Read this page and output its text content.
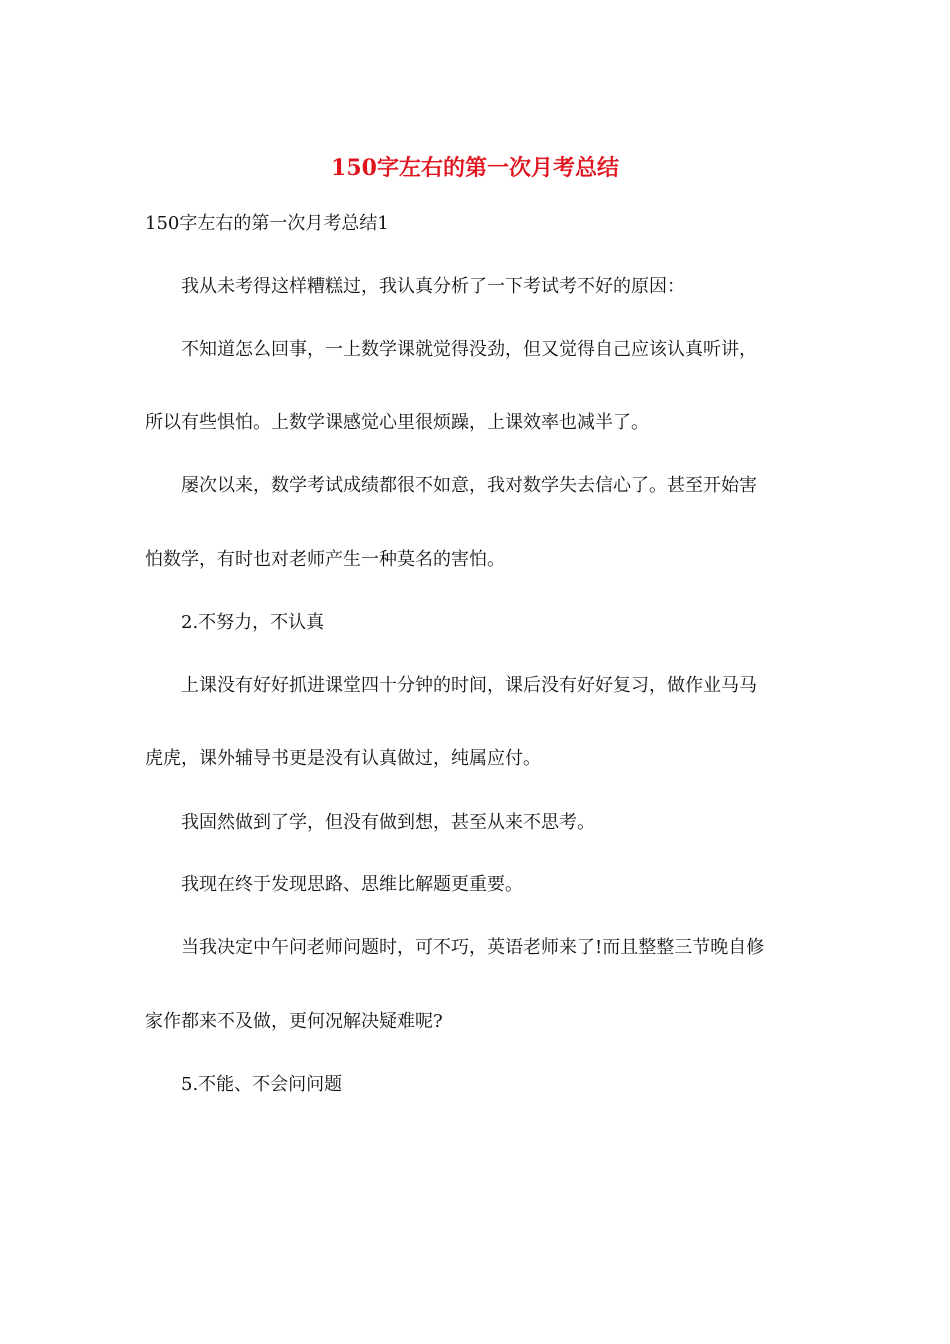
150字左右的第一次月考总结
150字左右的第一次月考总结1
我从未考得这样糟糕过，我认真分析了一下考试考不好的原因：
不知道怎么回事，一上数学课就觉得没劲，但又觉得自己应该认真听讲，
所以有些惧怕。上数学课感觉心里很烦躁，上课效率也减半了。
屡次以来，数学考试成绩都很不如意，我对数学失去信心了。甚至开始害
怕数学，有时也对老师产生一种莫名的害怕。
2.不努力，不认真
上课没有好好抓进课堂四十分钟的时间，课后没有好好复习，做作业马马
虎虎，课外辅导书更是没有认真做过，纯属应付。
我固然做到了学，但没有做到想，甚至从来不思考。
我现在终于发现思路、思维比解题更重要。
当我决定中午问老师问题时，可不巧，英语老师来了!而且整整三节晚自修
家作都来不及做，更何况解决疑难呢?
5.不能、不会问问题
